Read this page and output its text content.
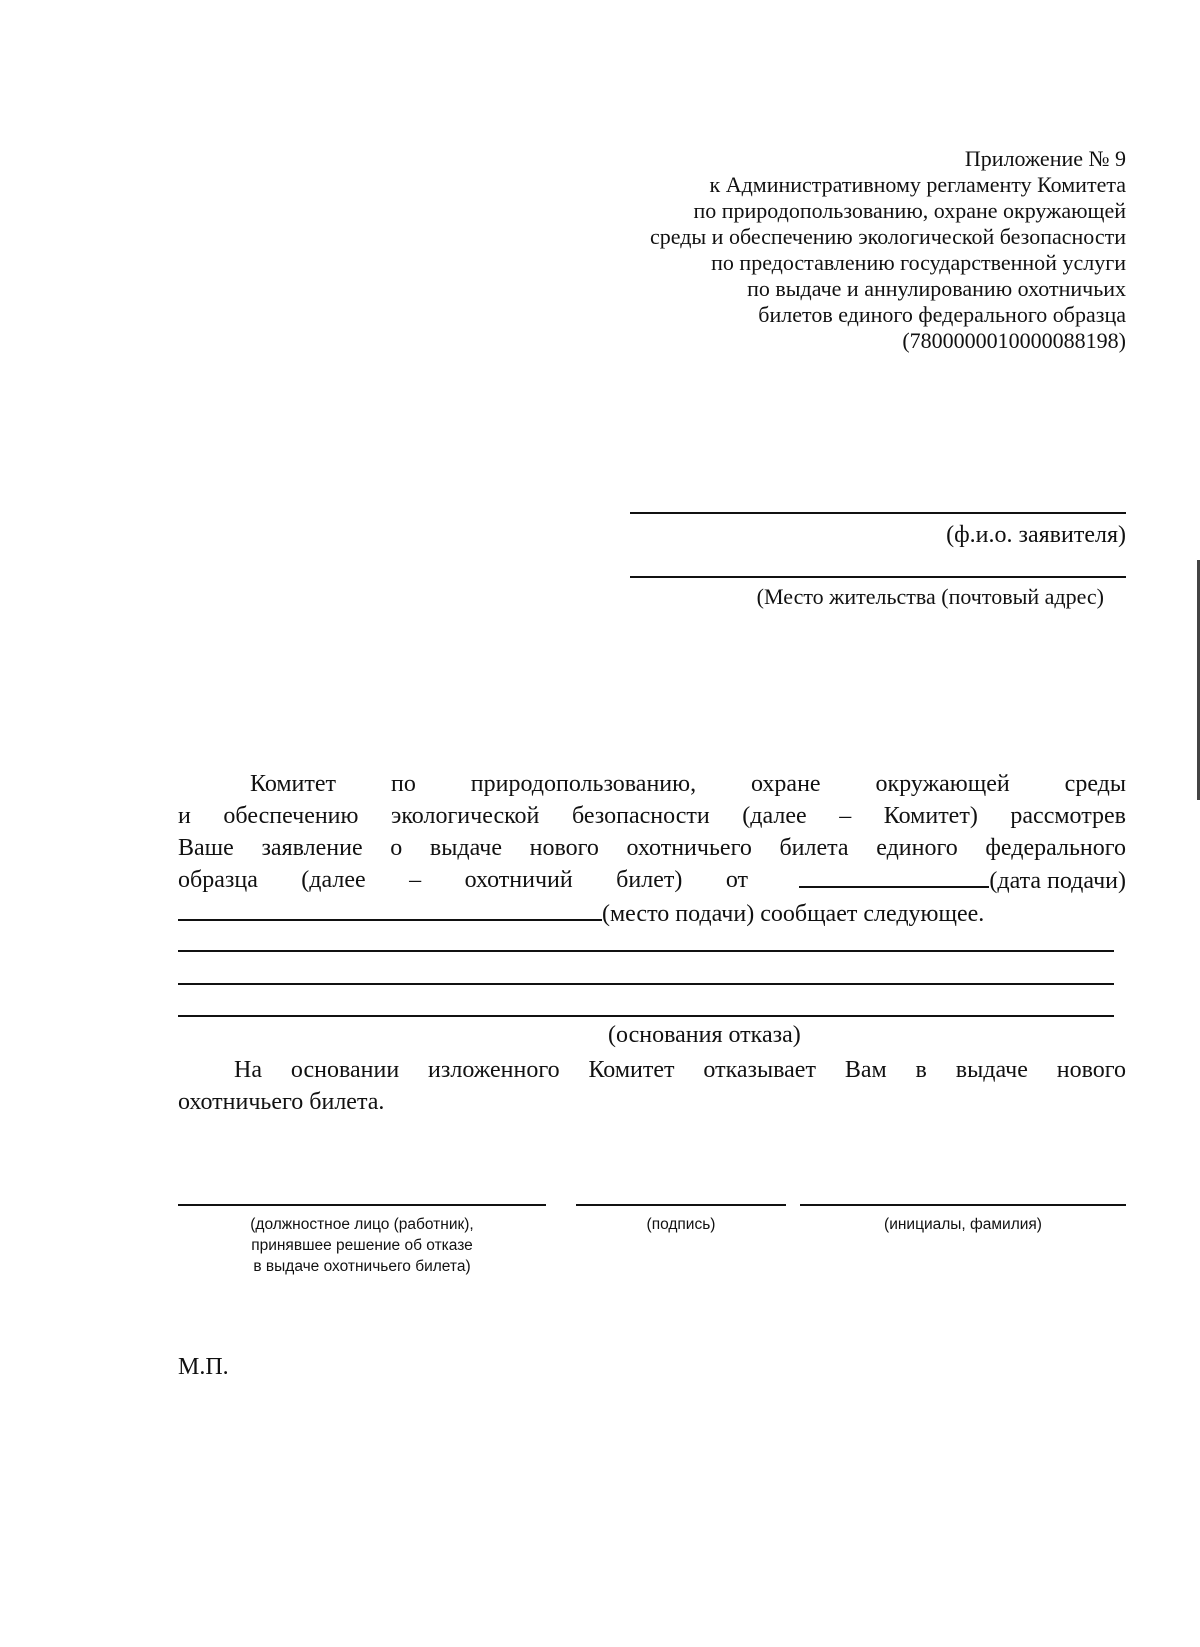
Приложение № 9
к Административному регламенту Комитета
по природопользованию, охране окружающей
среды и обеспечению экологической безопасности
по предоставлению государственной услуги
по выдаче и аннулированию охотничьих
билетов единого федерального образца
(7800000010000088198)
(ф.и.о. заявителя)
(Место жительства (почтовый адрес)
Комитет по природопользованию, охране окружающей среды
и обеспечению экологической безопасности (далее – Комитет) рассмотрев
Ваше заявление о выдаче нового охотничьего билета единого федерального
образца (далее – охотничий билет) от	(дата подачи)
(место подачи) сообщает следующее.
(основания отказа)
На основании изложенного Комитет отказывает Вам в выдаче нового
охотничьего билета.
(должностное лицо (работник),
принявшее решение об отказе
в выдаче охотничьего билета)
(подпись)	(инициалы, фамилия)
М.П.
